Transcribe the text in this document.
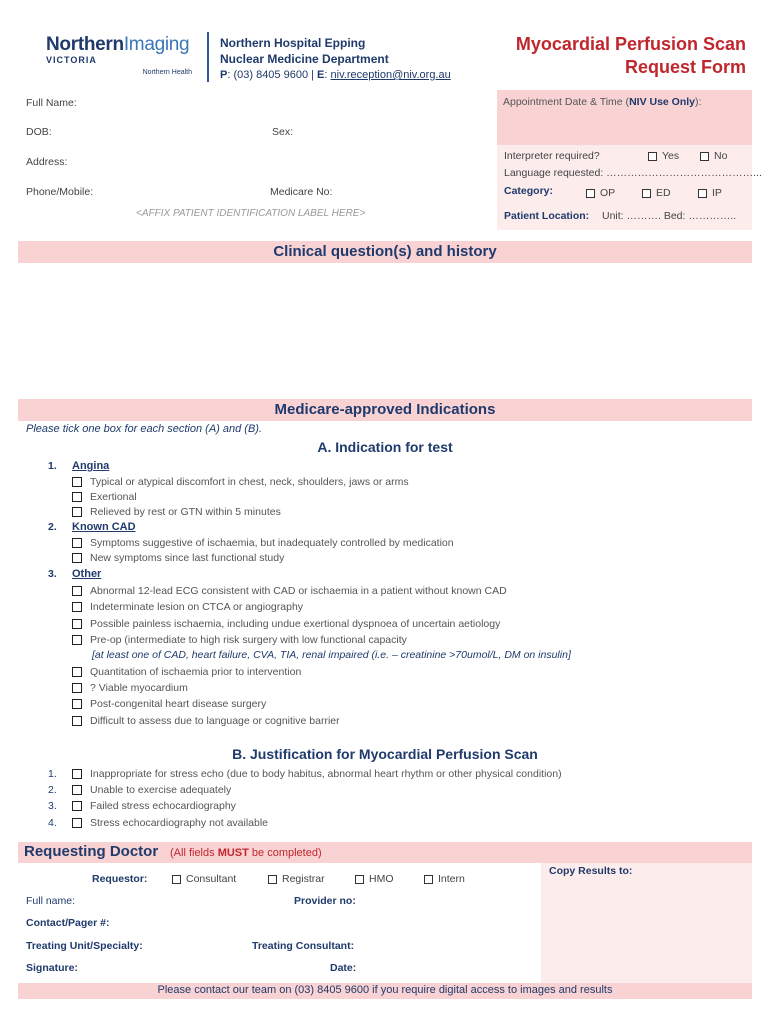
NorthernImaging
VICTORIA
Northern Health
Northern Hospital Epping
Nuclear Medicine Department
P: (03) 8405 9600 | E: niv.reception@niv.org.au
Myocardial Perfusion Scan
Request Form
Full Name:
DOB:	Sex:
Address:
Phone/Mobile:	Medicare No:
<AFFIX PATIENT IDENTIFICATION LABEL HERE>
Appointment Date & Time (NIV Use Only):
Interpreter required?	Yes	No
Language requested: ……………………………………...
Category:	OP	ED	IP
Patient Location: Unit: ………. Bed: …………..
Clinical question(s) and history
Medicare-approved Indications
Please tick one box for each section (A) and (B).
A. Indication for test
1. Angina
Typical or atypical discomfort in chest, neck, shoulders, jaws or arms
Exertional
Relieved by rest or GTN within 5 minutes
2. Known CAD
Symptoms suggestive of ischaemia, but inadequately controlled by medication
New symptoms since last functional study
3. Other
Abnormal 12-lead ECG consistent with CAD or ischaemia in a patient without known CAD
Indeterminate lesion on CTCA or angiography
Possible painless ischaemia, including undue exertional dyspnoea of uncertain aetiology
Pre-op (intermediate to high risk surgery with low functional capacity
[at least one of CAD, heart failure, CVA, TIA, renal impaired (i.e. – creatinine >70umol/L, DM on insulin]
Quantitation of ischaemia prior to intervention
? Viable myocardium
Post-congenital heart disease surgery
Difficult to assess due to language or cognitive barrier
B. Justification for Myocardial Perfusion Scan
1.	Inappropriate for stress echo (due to body habitus, abnormal heart rhythm or other physical condition)
2.	Unable to exercise adequately
3.	Failed stress echocardiography
4.	Stress echocardiography not available
Requesting Doctor (All fields MUST be completed)
Copy Results to:
Requestor:	Consultant	Registrar	HMO	Intern
Full name:	Provider no:
Contact/Pager #:
Treating Unit/Specialty:	Treating Consultant:
Signature:	Date:
Please contact our team on (03) 8405 9600 if you require digital access to images and results
